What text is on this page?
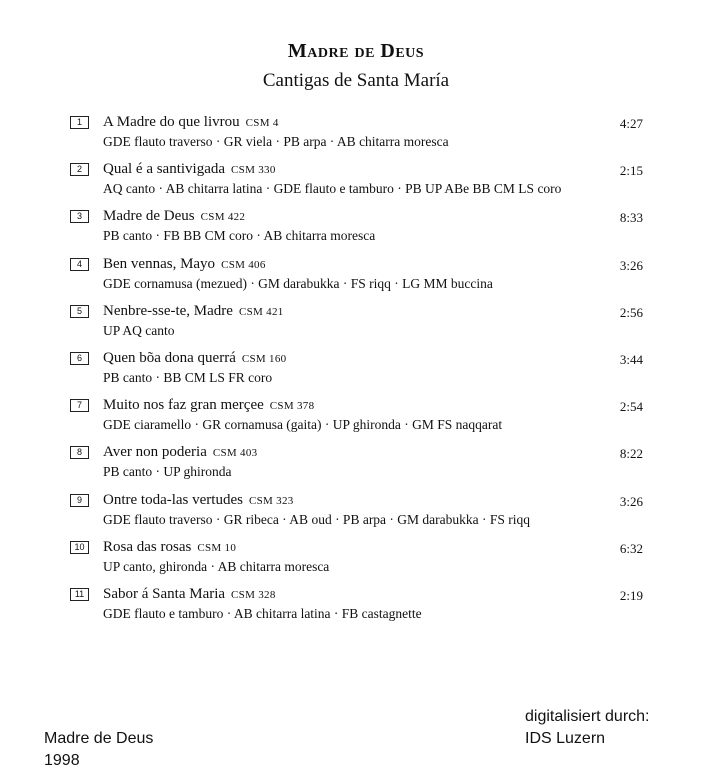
Madre de Deus
Cantigas de Santa María
1	A Madre do que livrou CSM 4	4:27
GDE flauto traverso · GR viela · PB arpa · AB chitarra moresca
2	Qual é a santivigada CSM 330	2:15
AQ canto · AB chitarra latina · GDE flauto e tamburo · PB UP ABe BB CM LS coro
3	Madre de Deus CSM 422	8:33
PB canto · FB BB CM coro · AB chitarra moresca
4	Ben vennas, Mayo CSM 406	3:26
GDE cornamusa (mezued) · GM darabukka · FS riqq · LG MM buccina
5	Nenbre-sse-te, Madre CSM 421	2:56
UP AQ canto
6	Quen bõa dona querrá CSM 160	3:44
PB canto · BB CM LS FR coro
7	Muito nos faz gran merçee CSM 378	2:54
GDE ciaramello · GR cornamusa (gaita) · UP ghironda · GM FS naqqarat
8	Aver non poderia CSM 403	8:22
PB canto · UP ghironda
9	Ontre toda-las vertudes CSM 323	3:26
GDE flauto traverso · GR ribeca · AB oud · PB arpa · GM darabukka · FS riqq
10	Rosa das rosas CSM 10	6:32
UP canto, ghironda · AB chitarra moresca
11	Sabor á Santa Maria CSM 328	2:19
GDE flauto e tamburo · AB chitarra latina · FB castagnette
digitalisiert durch:
IDS Luzern
Madre de Deus
1998
